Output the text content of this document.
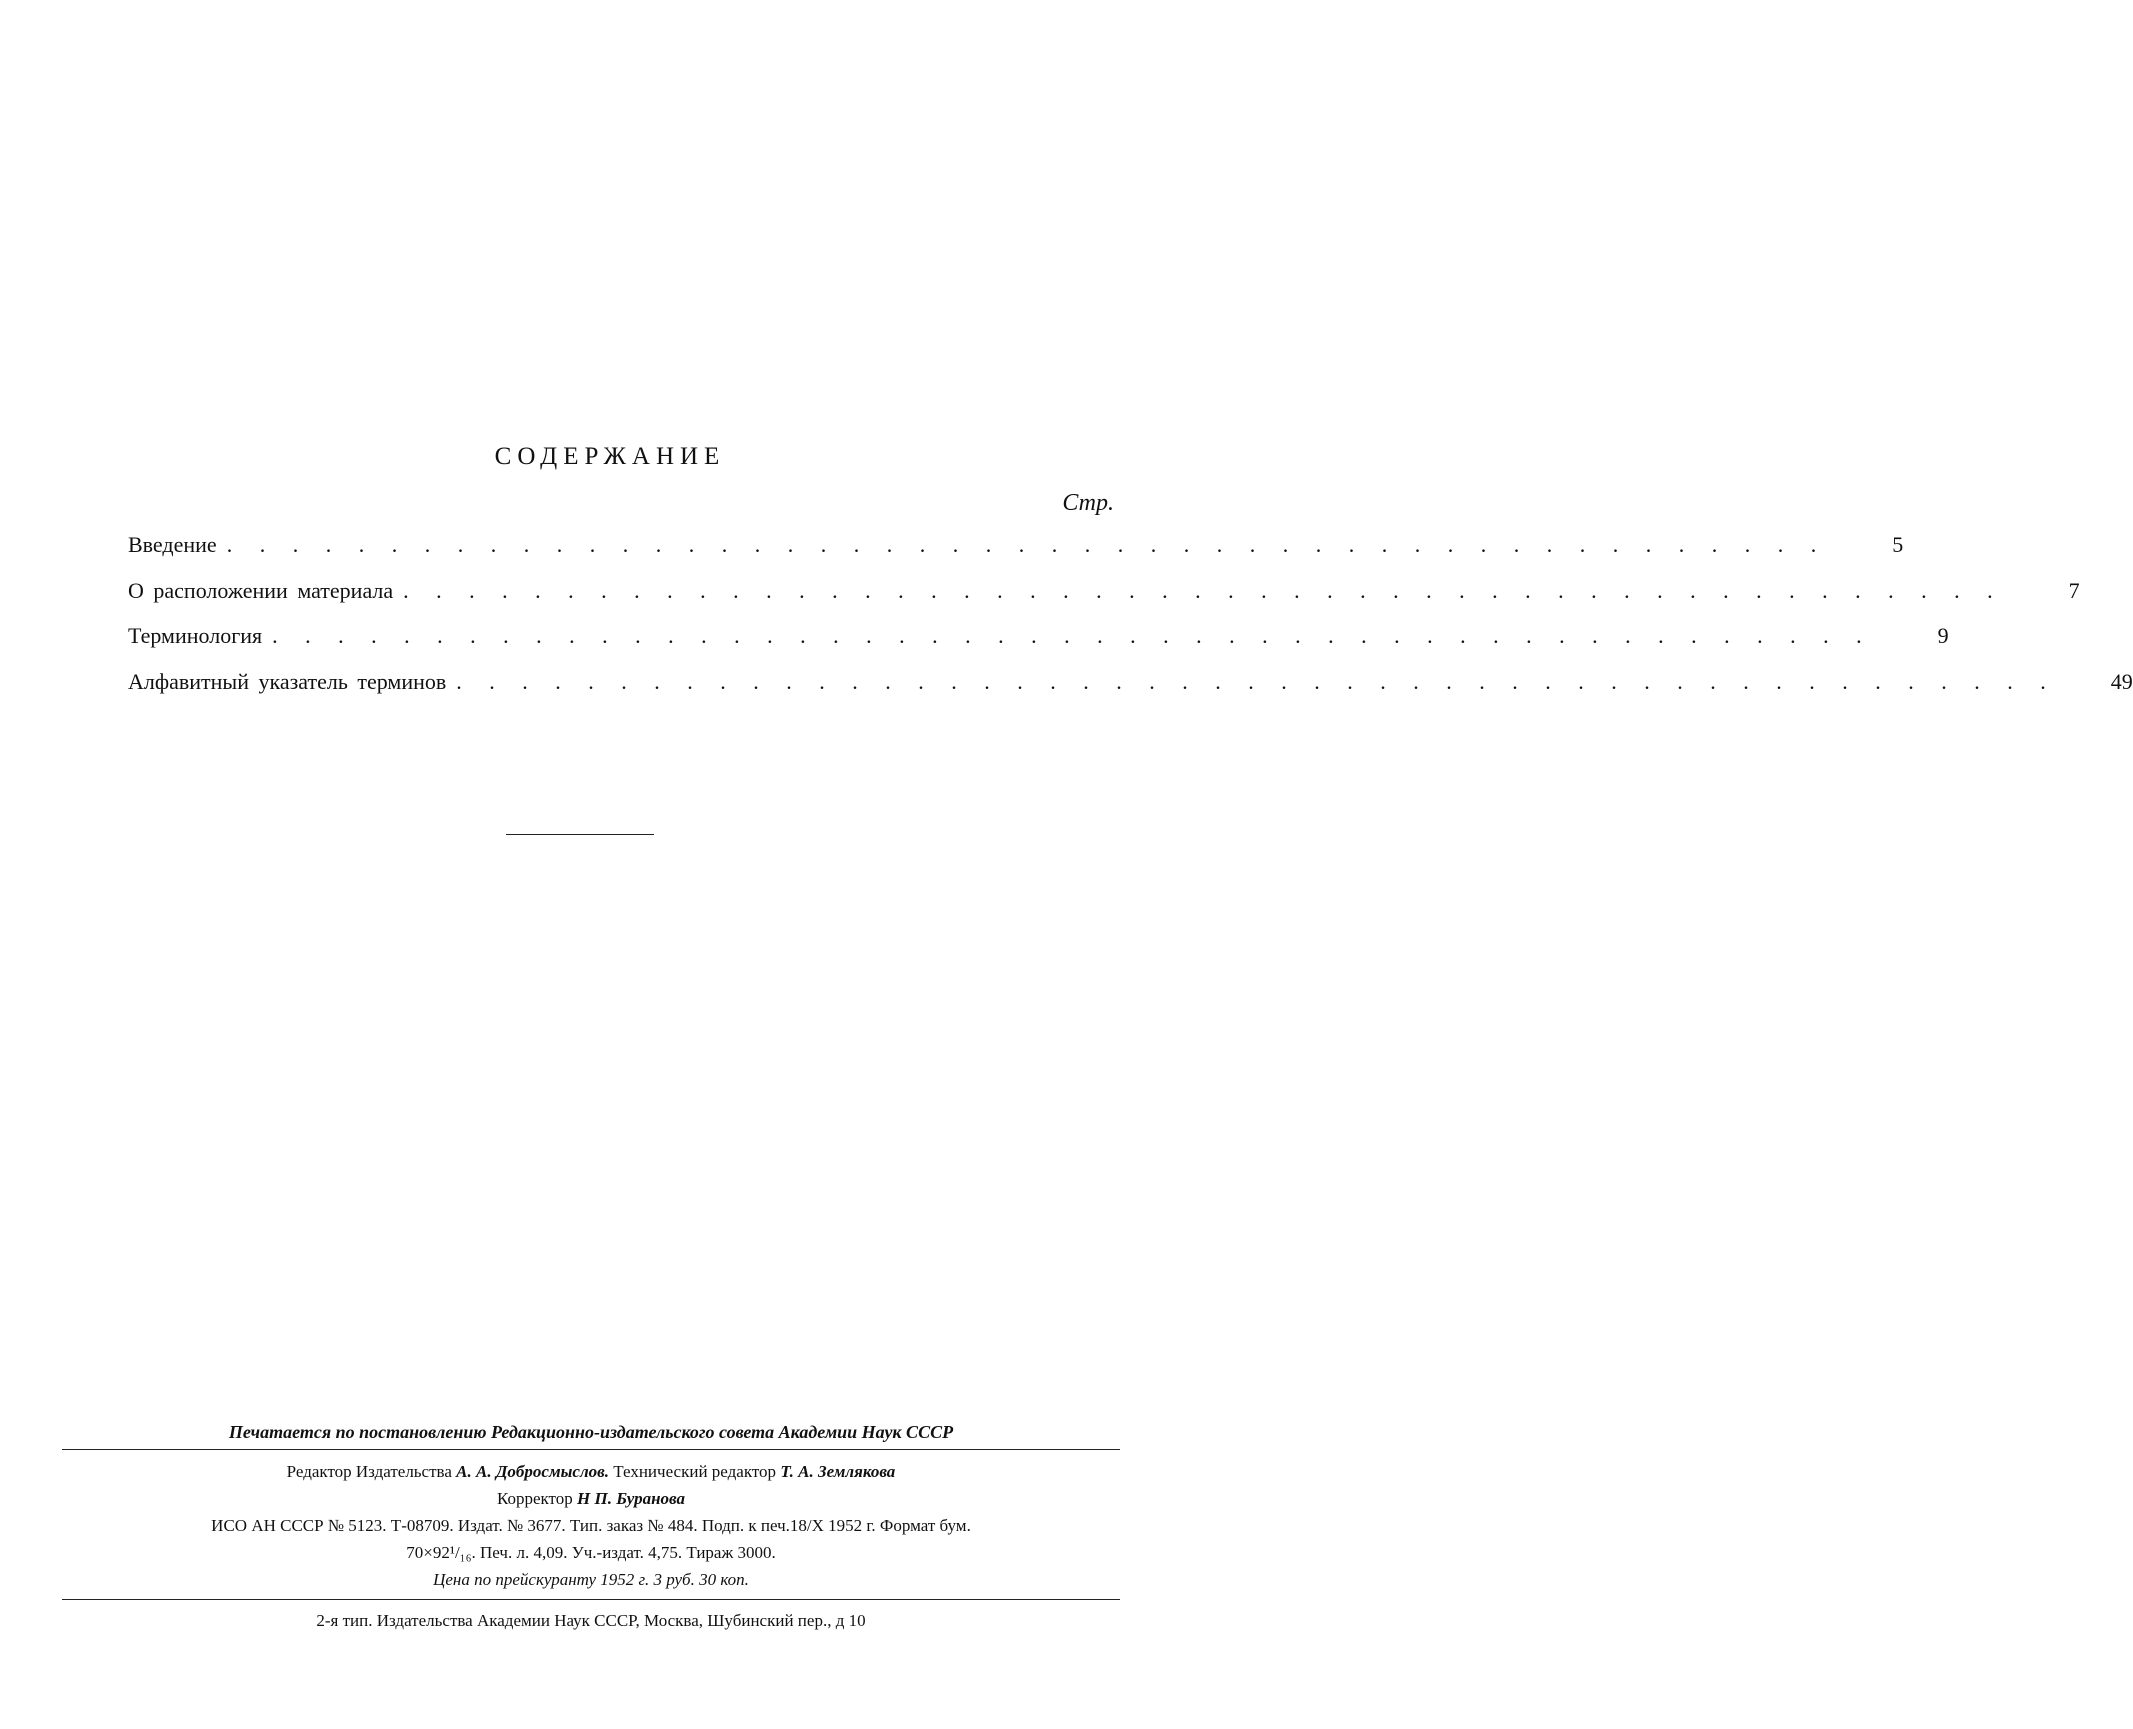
СОДЕРЖАНИЕ
Стр.
Введение . . . . . . . . . . . . . . . . . . . . . . . . . . . . . . . . . . . . . . . . . . . . . . . . .	5
О расположении материала . . . . . . . . . . . . . . . . . . . . . . . . . . . . . . . . . . . . . . . . . . . . . . . . .	7
Терминология . . . . . . . . . . . . . . . . . . . . . . . . . . . . . . . . . . . . . . . . . . . . . . . . .	9
Алфавитный указатель терминов . . . . . . . . . . . . . . . . . . . . . . . . . . . . . . . . . . . . . . . . . . . . . . . . . 49
Печатается по постановлению Редакционно-издательского совета Академии Наук СССР
Редактор Издательства А. А. Добросмыслов. Технический редактор Т. А. Землякова
Корректор Н П. Буранова
ИСО АН СССР № 5123. Т-08709. Издат. № 3677. Тип. заказ № 484. Подп. к печ.18/X 1952 г. Формат бум.
70×92¹/₁₆. Печ. л. 4,09. Уч.-издат. 4,75. Тираж 3000.
Цена по прейскуранту 1952 г. 3 руб. 30 коп.
2-я тип. Издательства Академии Наук СССР, Москва, Шубинский пер., д 10
